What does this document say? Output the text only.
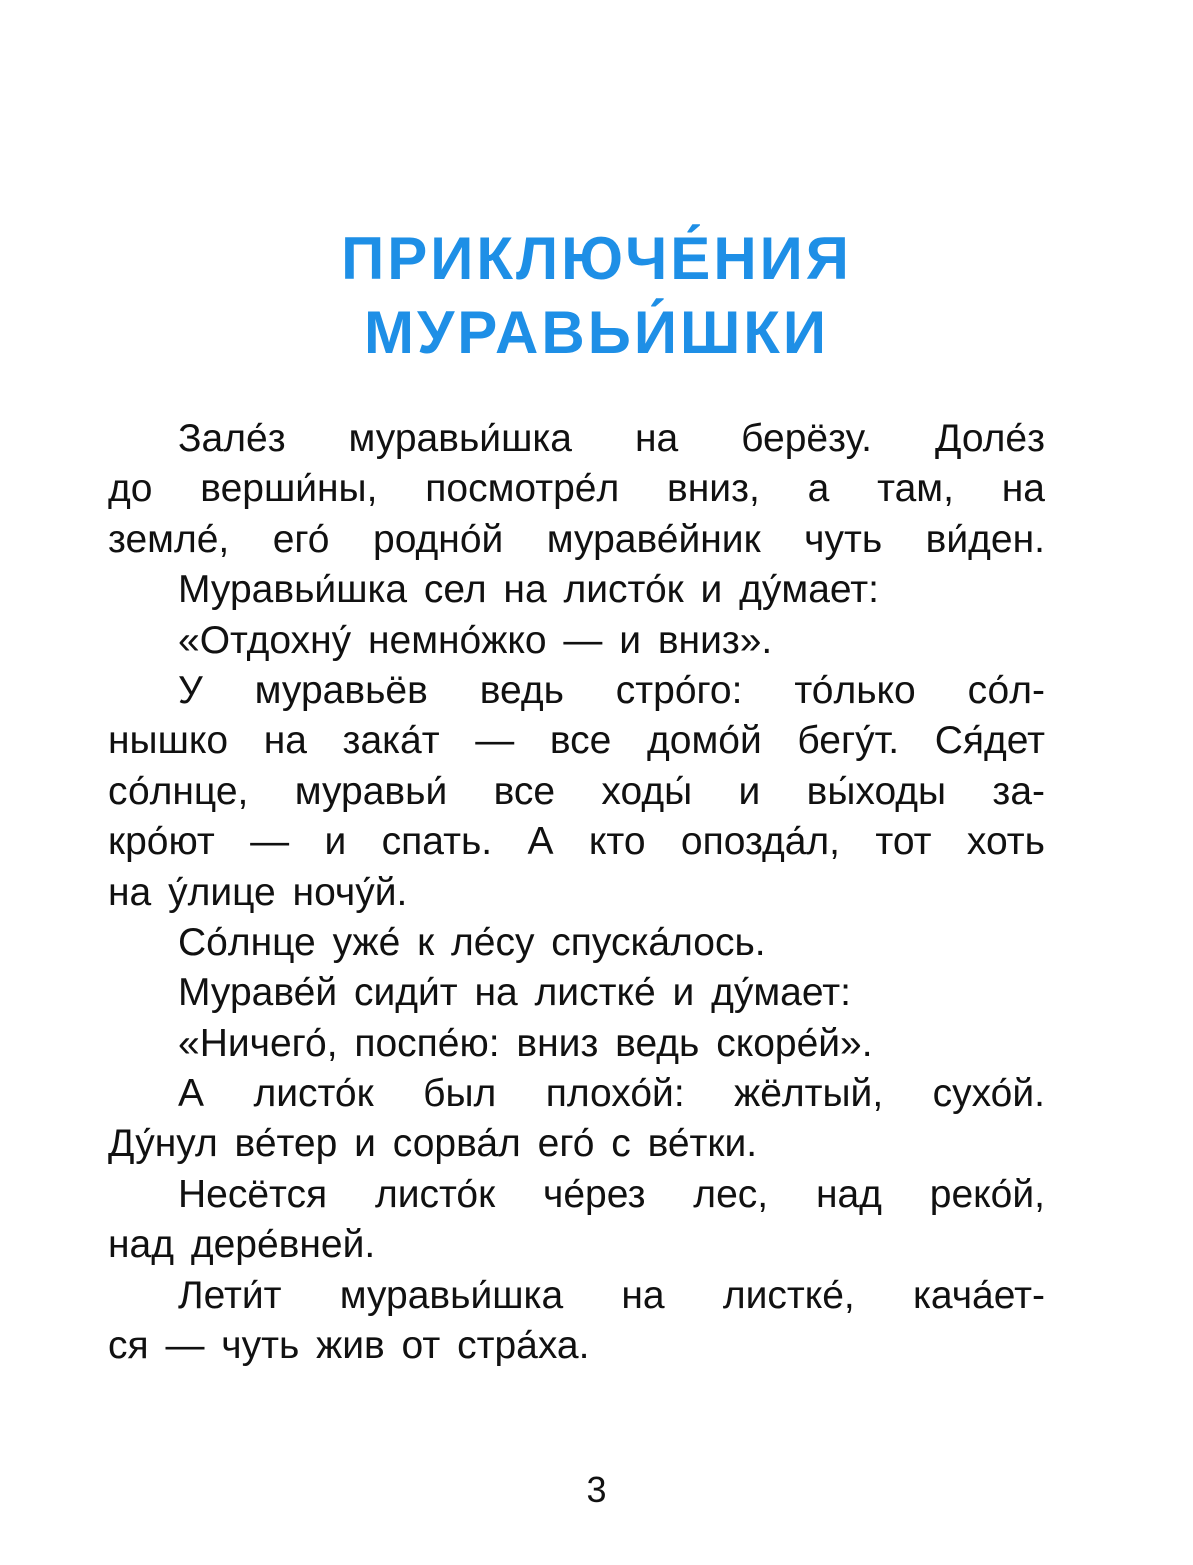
ПРИКЛЮЧЕ́НИЯ
МУРАВЬИ́ШКИ
Зале́з муравьи́шка на берёзу. Доле́з
до верши́ны, посмотре́л вниз, а там, на
земле́, его́ родно́й мураве́йник чуть ви́ден.
Муравьи́шка сел на листо́к и ду́мает:
«Отдохну́ немно́жко — и вниз».
У муравьёв ведь стро́го: то́лько со́л-
нышко на зака́т — все домо́й бегу́т. Ся́дет
со́лнце, муравьи́ все ходы́ и вы́ходы за-
кро́ют — и спать. А кто опозда́л, тот хоть
на у́лице ночу́й.
Со́лнце уже́ к ле́су спуска́лось.
Мураве́й сиди́т на листке́ и ду́мает:
«Ничего́, поспе́ю: вниз ведь скоре́й».
А листо́к был плохо́й: жёлтый, сухо́й.
Ду́нул ве́тер и сорва́л его́ с ве́тки.
Несётся листо́к че́рез лес, над реко́й,
над дере́вней.
Лети́т муравьи́шка на листке́, кача́ет-
ся — чуть жив от стра́ха.
3
